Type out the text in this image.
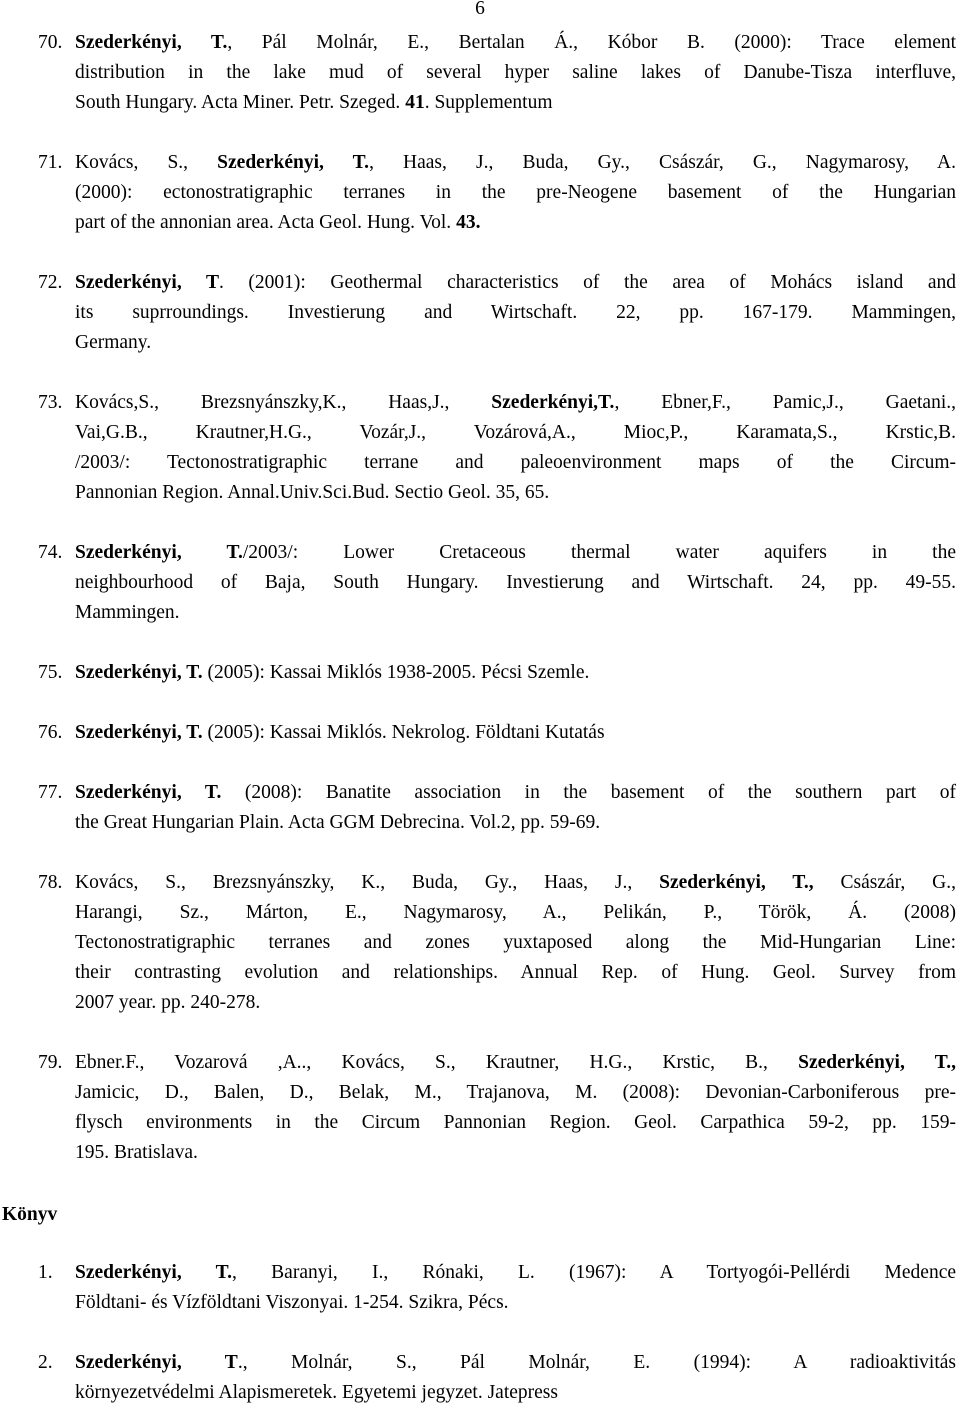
6
70. Szederkényi, T., Pál Molnár, E., Bertalan Á., Kóbor B. (2000): Trace element
distribution in the lake mud of several hyper saline lakes of Danube-Tisza interfluve,
South Hungary. Acta Miner. Petr. Szeged. 41. Supplementum
71. Kovács, S., Szederkényi, T., Haas, J., Buda, Gy., Császár, G., Nagymarosy, A.
(2000): ectonostratigraphic terranes in the pre-Neogene basement of the Hungarian
part of the annonian area. Acta Geol. Hung. Vol. 43.
72. Szederkényi, T. (2001): Geothermal characteristics of the area of Mohács island and
its suprroundings. Investierung and Wirtschaft. 22, pp. 167-179. Mammingen,
Germany.
73. Kovács,S., Brezsnyánszky,K., Haas,J., Szederkényi,T., Ebner,F., Pamic,J., Gaetani.,
Vai,G.B., Krautner,H.G., Vozár,J., Vozárová,A., Mioc,P., Karamata,S., Krstic,B.
/2003/: Tectonostratigraphic terrane and paleoenvironment maps of the Circum-
Pannonian Region. Annal.Univ.Sci.Bud. Sectio Geol. 35, 65.
74. Szederkényi, T./2003/: Lower Cretaceous thermal water aquifers in the
neighbourhood of Baja, South Hungary. Investierung and Wirtschaft. 24, pp. 49-55.
Mammingen.
75. Szederkényi, T. (2005): Kassai Miklós 1938-2005. Pécsi Szemle.
76. Szederkényi, T. (2005): Kassai Miklós. Nekrolog. Földtani Kutatás
77. Szederkényi, T. (2008): Banatite association in the basement of the southern part of
the Great Hungarian Plain. Acta GGM Debrecina. Vol.2, pp. 59-69.
78. Kovács, S., Brezsnyánszky, K., Buda, Gy., Haas, J., Szederkényi, T., Császár, G.,
Harangi, Sz., Márton, E., Nagymarosy, A., Pelikán, P., Török, Á. (2008)
Tectonostratigraphic terranes and zones yuxtaposed along the Mid-Hungarian Line:
their contrasting evolution and relationships. Annual Rep. of Hung. Geol. Survey from
2007 year. pp. 240-278.
79. Ebner.F., Vozarová ,A.., Kovács, S., Krautner, H.G., Krstic, B., Szederkényi, T.,
Jamicic, D., Balen, D., Belak, M., Trajanova, M. (2008): Devonian-Carboniferous pre-
flysch environments in the Circum Pannonian Region. Geol. Carpathica 59-2, pp. 159-
195. Bratislava.
1. Szederkényi, T., Baranyi, I., Rónaki, L. (1967): A Tortyogói-Pellérdi Medence
Földtani- és Vízföldtani Viszonyai. 1-254. Szikra, Pécs.
2. Szederkényi, T., Molnár, S., Pál Molnár, E. (1994): A radioaktivitás
környezetvédelmi Alapismeretek. Egyetemi jegyzet. Jatepress
Könyv
